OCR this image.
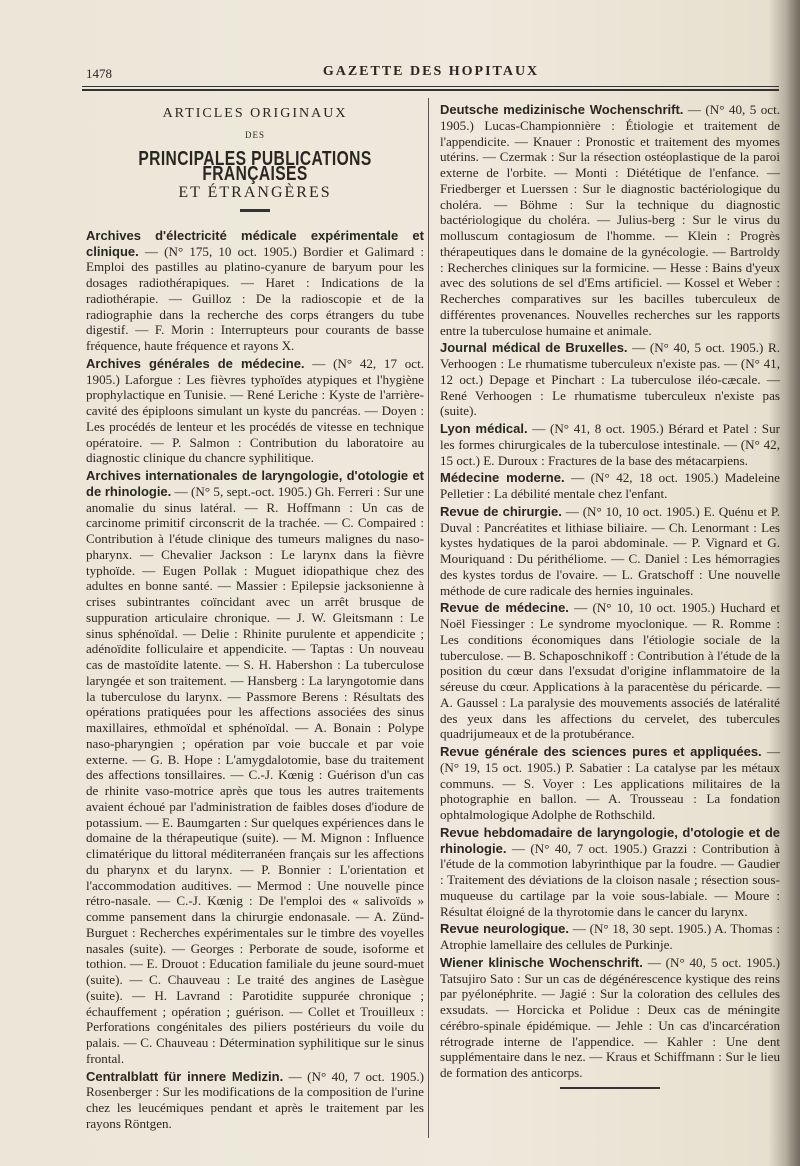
1478	GAZETTE DES HOPITAUX
ARTICLES ORIGINAUX
DES
PRINCIPALES PUBLICATIONS FRANÇAISES
ET ÉTRANGÈRES

Archives d'électricité médicale expérimentale et clinique. — (N° 175, 10 oct. 1905.) Bordier et Galimard : Emploi des pastilles au platino-cyanure de baryum pour les dosages radiothérapiques. — Haret : Indications de la radiothérapie. — Guilloz : De la radioscopie et de la radiographie dans la recherche des corps étrangers du tube digestif. — F. Morin : Interrupteurs pour courants de basse fréquence, haute fréquence et rayons X.

Archives générales de médecine. — (N° 42, 17 oct. 1905.) Laforgue : Les fièvres typhoïdes atypiques et l'hygiène prophylactique en Tunisie. — René Leriche : Kyste de l'arrière-cavité des épiploons simulant un kyste du pancréas. — Doyen : Les procédés de lenteur et les procédés de vitesse en technique opératoire. — P. Salmon : Contribution du laboratoire au diagnostic clinique du chancre syphilitique.

Archives internationales de laryngologie, d'otologie et de rhinologie. — (N° 5, sept.-oct. 1905.) Gh. Ferreri : Sur une anomalie du sinus latéral. — R. Hoffmann : Un cas de carcinome primitif circonscrit de la trachée. — C. Compaired : Contribution à l'étude clinique des tumeurs malignes du naso-pharynx. — Chevalier Jackson : Le larynx dans la fièvre typhoïde. — Eugen Pollak : Muguet idiopathique chez des adultes en bonne santé. — Massier : Epilepsie jacksonienne à crises subintrantes coïncidant avec un arrêt brusque de suppuration articulaire chronique. — J. W. Gleitsmann : Le sinus sphénoïdal. — Delie : Rhinite purulente et appendicite ; adénoïdite folliculaire et appendicite. — Taptas : Un nouveau cas de mastoïdite latente. — S. H. Habershon : La tuberculose laryngée et son traitement. — Hansberg : La laryngotomie dans la tuberculose du larynx. — Passmore Berens : Résultats des opérations pratiquées pour les affections associées des sinus maxillaires, ethmoïdal et sphénoïdal. — A. Bonain : Polype naso-pharyngien ; opération par voie buccale et par voie externe. — G. B. Hope : L'amygdalotomie, base du traitement des affections tonsillaires. — C.-J. Kœnig : Guérison d'un cas de rhinite vaso-motrice après que tous les autres traitements avaient échoué par l'administration de faibles doses d'iodure de potassium. — E. Baumgarten : Sur quelques expériences dans le domaine de la thérapeutique (suite). — M. Mignon : Influence climatérique du littoral méditerranéen français sur les affections du pharynx et du larynx. — P. Bonnier : L'orientation et l'accommodation auditives. — Mermod : Une nouvelle pince rétro-nasale. — C.-J. Kœnig : De l'emploi des « salivoïds » comme pansement dans la chirurgie endonasale. — A. Zünd-Burguet : Recherches expérimentales sur le timbre des voyelles nasales (suite). — Georges : Perborate de soude, isoforme et tothion. — E. Drouot : Education familiale du jeune sourd-muet (suite). — C. Chauveau : Le traité des angines de Lasègue (suite). — H. Lavrand : Parotidite suppurée chronique ; échauffement ; opération ; guérison. — Collet et Trouilleux : Perforations congénitales des piliers postérieurs du voile du palais. — C. Chauveau : Détermination syphilitique sur le sinus frontal.

Centralblatt für innere Medizin. — (N° 40, 7 oct. 1905.) Rosenberger : Sur les modifications de la composition de l'urine chez les leucémiques pendant et après le traitement par les rayons Röntgen.

Deutsche medizinische Wochenschrift. — (N° 40, 5 oct. 1905.) Lucas-Championnière : Étiologie et traitement de l'appendicite. — Knauer : Pronostic et traitement des myomes utérins. — Czermak : Sur la résection ostéoplastique de la paroi externe de l'orbite. — Monti : Diététique de l'enfance. — Friedberger et Luerssen : Sur le diagnostic bactériologique du choléra. — Böhme : Sur la technique du diagnostic bactériologique du choléra. — Julius-berg : Sur le virus du molluscum contagiosum de l'homme. — Klein : Progrès thérapeutiques dans le domaine de la gynécologie. — Bartroldy : Recherches cliniques sur la formicine. — Hesse : Bains d'yeux avec des solutions de sel d'Ems artificiel. — Kossel et Weber : Recherches comparatives sur les bacilles tuberculeux de différentes provenances. Nouvelles recherches sur les rapports entre la tuberculose humaine et animale.

Journal médical de Bruxelles. — (N° 40, 5 oct. 1905.) R. Verhoogen : Le rhumatisme tuberculeux n'existe pas. — (N° 41, 12 oct.) Depage et Pinchart : La tuberculose iléo-cæcale. — René Verhoogen : Le rhumatisme tuberculeux n'existe pas (suite).

Lyon médical. — (N° 41, 8 oct. 1905.) Bérard et Patel : Sur les formes chirurgicales de la tuberculose intestinale. — (N° 42, 15 oct.) E. Duroux : Fractures de la base des métacarpiens.

Médecine moderne. — (N° 42, 18 oct. 1905.) Madeleine Pelletier : La débilité mentale chez l'enfant.

Revue de chirurgie. — (N° 10, 10 oct. 1905.) E. Quénu et P. Duval : Pancréatites et lithiase biliaire. — Ch. Lenormant : Les kystes hydatiques de la paroi abdominale. — P. Vignard et G. Mouriquand : Du périthéliome. — C. Daniel : Les hémorragies des kystes tordus de l'ovaire. — L. Gratschoff : Une nouvelle méthode de cure radicale des hernies inguinales.

Revue de médecine. — (N° 10, 10 oct. 1905.) Huchard et Noël Fiessinger : Le syndrome myoclonique. — R. Romme : Les conditions économiques dans l'étiologie sociale de la tuberculose. — B. Schaposchnikoff : Contribution à l'étude de la position du cœur dans l'exsudat d'origine inflammatoire de la séreuse du cœur. Applications à la paracentèse du péricarde. — A. Gaussel : La paralysie des mouvements associés de latéralité des yeux dans les affections du cervelet, des tubercules quadrijumeaux et de la protubérance.

Revue générale des sciences pures et appliquées. — (N° 19, 15 oct. 1905.) P. Sabatier : La catalyse par les métaux communs. — S. Voyer : Les applications militaires de la photographie en ballon. — A. Trousseau : La fondation ophtalmologique Adolphe de Rothschild.

Revue hebdomadaire de laryngologie, d'otologie et de rhinologie. — (N° 40, 7 oct. 1905.) Grazzi : Contribution à l'étude de la commotion labyrinthique par la foudre. — Gaudier : Traitement des déviations de la cloison nasale ; résection sous-muqueuse du cartilage par la voie sous-labiale. — Moure : Résultat éloigné de la thyrotomie dans le cancer du larynx.

Revue neurologique. — (N° 18, 30 sept. 1905.) A. Thomas : Atrophie lamellaire des cellules de Purkinje.

Wiener klinische Wochenschrift. — (N° 40, 5 oct. 1905.) Tatsujiro Sato : Sur un cas de dégénérescence kystique des reins par pyélonéphrite. — Jagié : Sur la coloration des cellules des exsudats. — Horcicka et Polidue : Deux cas de méningite cérébro-spinale épidémique. — Jehle : Un cas d'incarcération rétrograde interne de l'appendice. — Kahler : Une dent supplémentaire dans le nez. — Kraus et Schiffmann : Sur le lieu de formation des anticorps.
